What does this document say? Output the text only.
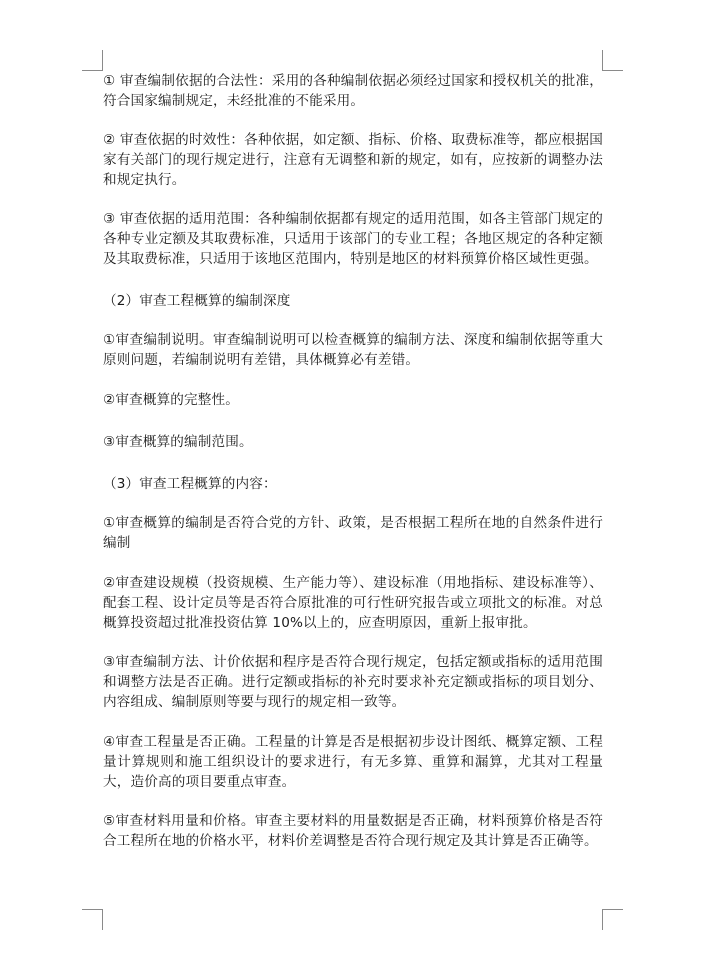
① 审查编制依据的合法性：采用的各种编制依据必须经过国家和授权机关的批准，符合国家编制规定，未经批准的不能采用。

② 审查依据的时效性：各种依据，如定额、指标、价格、取费标准等，都应根据国家有关部门的现行规定进行，注意有无调整和新的规定，如有，应按新的调整办法和规定执行。

③ 审查依据的适用范围：各种编制依据都有规定的适用范围，如各主管部门规定的各种专业定额及其取费标准，只适用于该部门的专业工程；各地区规定的各种定额及其取费标准，只适用于该地区范围内，特别是地区的材料预算价格区域性更强。

（2）审查工程概算的编制深度

①审查编制说明。审查编制说明可以检查概算的编制方法、深度和编制依据等重大原则问题，若编制说明有差错，具体概算必有差错。

②审查概算的完整性。

③审查概算的编制范围。

（3）审查工程概算的内容：

①审查概算的编制是否符合党的方针、政策，是否根据工程所在地的自然条件进行编制

②审查建设规模（投资规模、生产能力等）、建设标准（用地指标、建设标准等）、配套工程、设计定员等是否符合原批准的可行性研究报告或立项批文的标准。对总概算投资超过批准投资估算 10%以上的，应查明原因，重新上报审批。

③审查编制方法、计价依据和程序是否符合现行规定，包括定额或指标的适用范围和调整方法是否正确。进行定额或指标的补充时要求补充定额或指标的项目划分、内容组成、编制原则等要与现行的规定相一致等。

④审查工程量是否正确。工程量的计算是否是根据初步设计图纸、概算定额、工程量计算规则和施工组织设计的要求进行，有无多算、重算和漏算，尤其对工程量大，造价高的项目要重点审查。

⑤审查材料用量和价格。审查主要材料的用量数据是否正确，材料预算价格是否符合工程所在地的价格水平，材料价差调整是否符合现行规定及其计算是否正确等。
